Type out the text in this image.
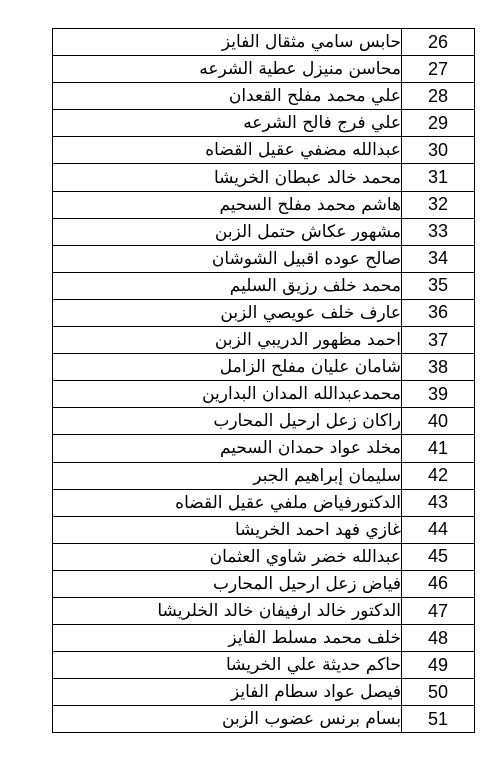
حابس سامي مثقال الفايز	26
محاسن منيزل عطية الشرعه	27
علي محمد مفلح القعدان	28
علي فرج فالح الشرعه	29
عبدالله مضفي عقيل القضاه	30
محمد خالد عبطان الخريشا	31
هاشم محمد مفلح السحيم	32
مشهور عكاش حتمل الزبن	33
صالح عوده اقبيل الشوشان	34
محمد خلف رزيق السليم	35
عارف خلف عويصي الزبن	36
احمد مظهور الدريبي الزبن	37
شامان عليان مفلح الزامل	38
محمدعبدالله المدان البدارين	39
راكان زعل ارحيل المحارب	40
مخلد عواد حمدان السحيم	41
سليمان إبراهيم الجبر	42
الدكتورفياض ملفي عقيل القضاه	43
غازي فهد احمد الخريشا	44
عبدالله خضر شاوي العثمان	45
فياض زعل ارحيل المحارب	46
الدكتور خالد ارفيفان خالد الخلريشا	47
خلف محمد مسلط الفايز	48
حاكم حديثة علي الخريشا	49
فيصل عواد سطام الفايز	50
بسام برنس عضوب الزبن	51
